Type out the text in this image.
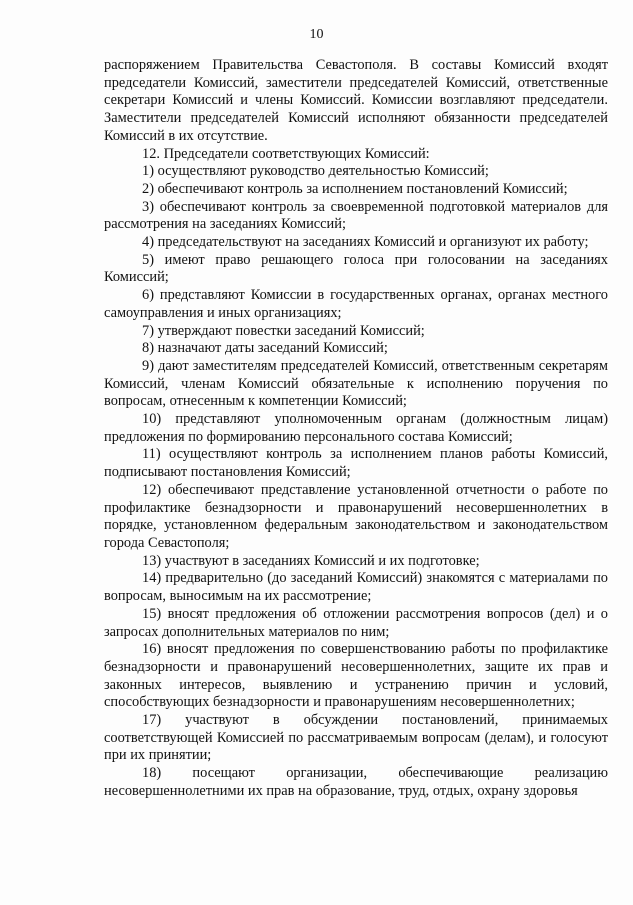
10

распоряжением Правительства Севастополя. В составы Комиссий входят председатели Комиссий, заместители председателей Комиссий, ответственные секретари Комиссий и члены Комиссий. Комиссии возглавляют председатели. Заместители председателей Комиссий исполняют обязанности председателей Комиссий в их отсутствие.

12. Председатели соответствующих Комиссий:

1) осуществляют руководство деятельностью Комиссий;

2) обеспечивают контроль за исполнением постановлений Комиссий;

3) обеспечивают контроль за своевременной подготовкой материалов для рассмотрения на заседаниях Комиссий;

4) председательствуют на заседаниях Комиссий и организуют их работу;

5) имеют право решающего голоса при голосовании на заседаниях Комиссий;

6) представляют Комиссии в государственных органах, органах местного самоуправления и иных организациях;

7) утверждают повестки заседаний Комиссий;

8) назначают даты заседаний Комиссий;

9) дают заместителям председателей Комиссий, ответственным секретарям Комиссий, членам Комиссий обязательные к исполнению поручения по вопросам, отнесенным к компетенции Комиссий;

10) представляют уполномоченным органам (должностным лицам) предложения по формированию персонального состава Комиссий;

11) осуществляют контроль за исполнением планов работы Комиссий, подписывают постановления Комиссий;

12) обеспечивают представление установленной отчетности о работе по профилактике безнадзорности и правонарушений несовершеннолетних в порядке, установленном федеральным законодательством и законодательством города Севастополя;

13) участвуют в заседаниях Комиссий и их подготовке;

14) предварительно (до заседаний Комиссий) знакомятся с материалами по вопросам, выносимым на их рассмотрение;

15) вносят предложения об отложении рассмотрения вопросов (дел) и о запросах дополнительных материалов по ним;

16) вносят предложения по совершенствованию работы по профилактике безнадзорности и правонарушений несовершеннолетних, защите их прав и законных интересов, выявлению и устранению причин и условий, способствующих безнадзорности и правонарушениям несовершеннолетних;

17) участвуют в обсуждении постановлений, принимаемых соответствующей Комиссией по рассматриваемым вопросам (делам), и голосуют при их принятии;

18) посещают организации, обеспечивающие реализацию несовершеннолетними их прав на образование, труд, отдых, охрану здоровья
